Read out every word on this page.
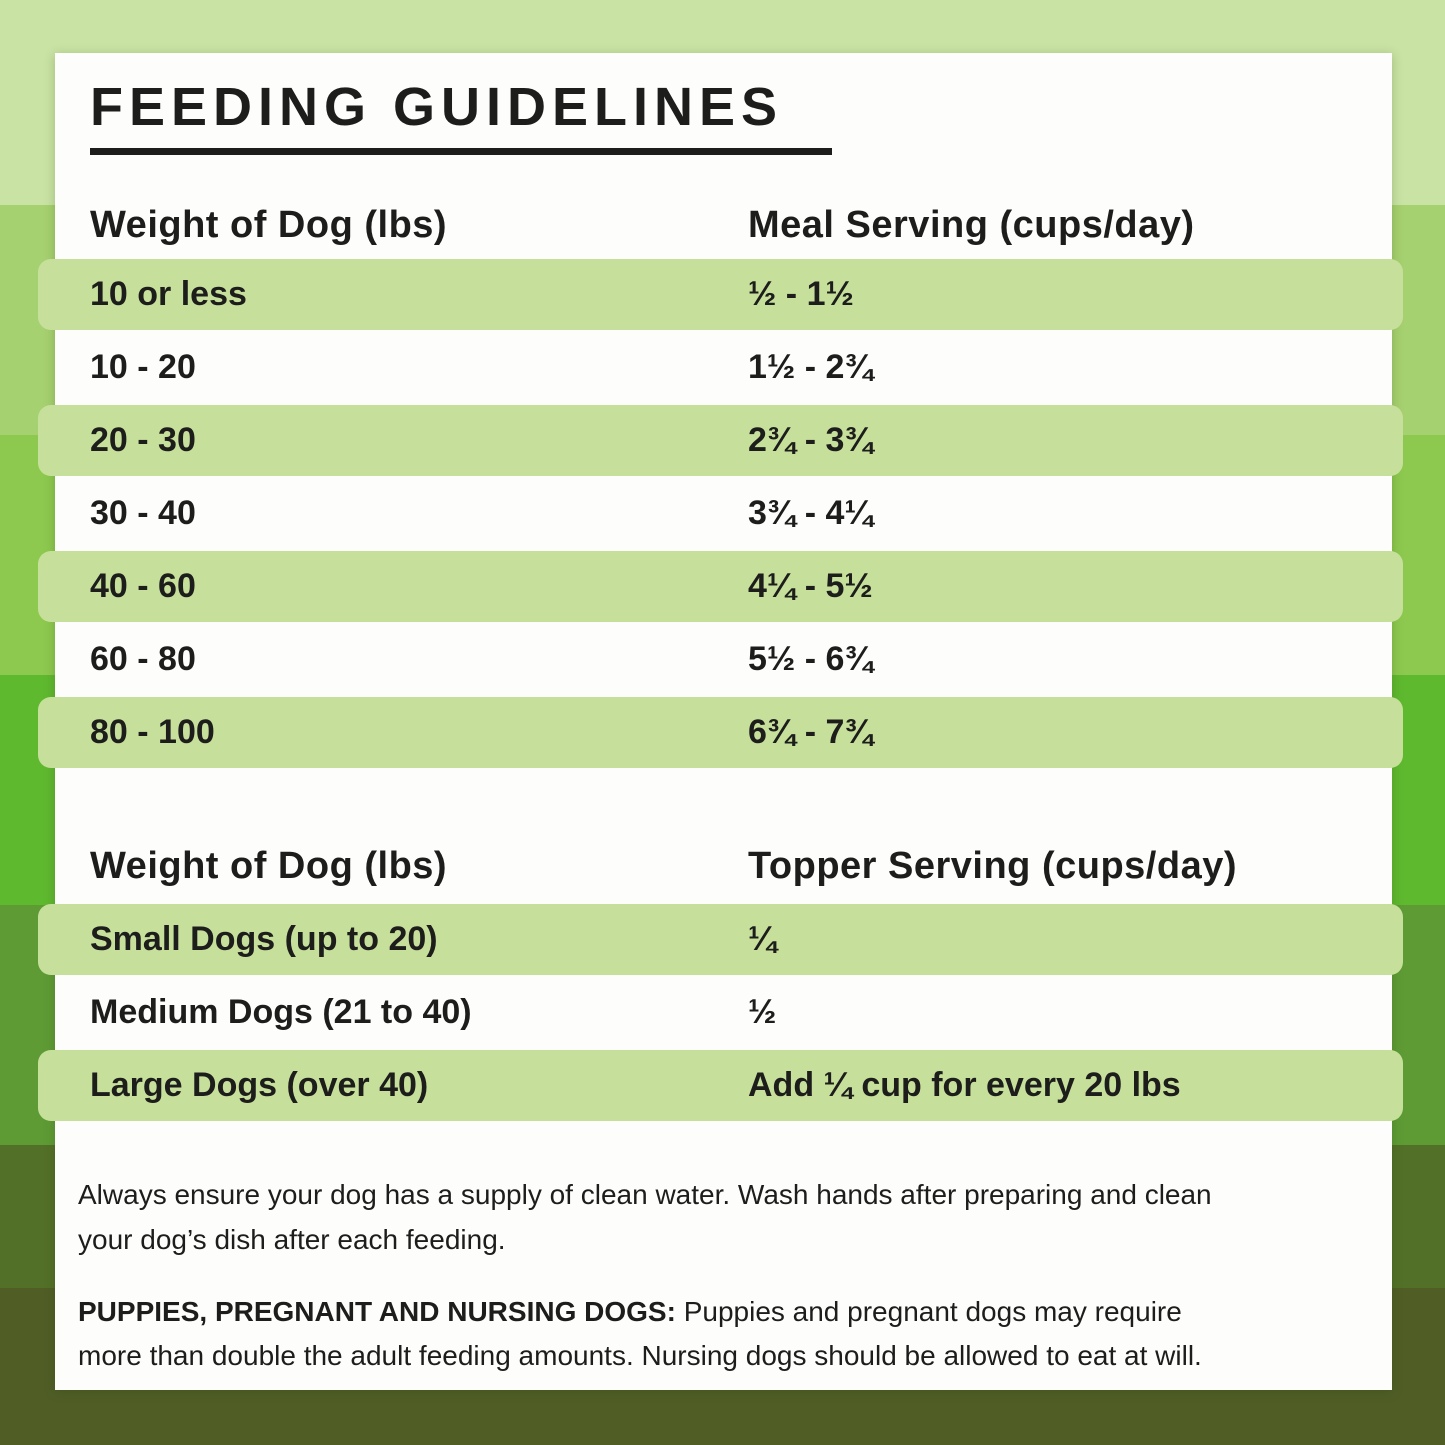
FEEDING GUIDELINES
Weight of Dog (lbs)	Meal Serving (cups/day)
10 or less	½ - 1½
10 - 20	1½ - 2¾
20 - 30	2¾ - 3¾
30 - 40	3¾ - 4¼
40 - 60	4¼ - 5½
60 - 80	5½ - 6¾
80 - 100	6¾ - 7¾
Weight of Dog (lbs)	Topper Serving (cups/day)
Small Dogs (up to 20)	¼
Medium Dogs (21 to 40)	½
Large Dogs (over 40)	Add ¼ cup for every 20 lbs
Always ensure your dog has a supply of clean water. Wash hands after preparing and clean
your dog’s dish after each feeding.
PUPPIES, PREGNANT AND NURSING DOGS: Puppies and pregnant dogs may require
more than double the adult feeding amounts. Nursing dogs should be allowed to eat at will.
